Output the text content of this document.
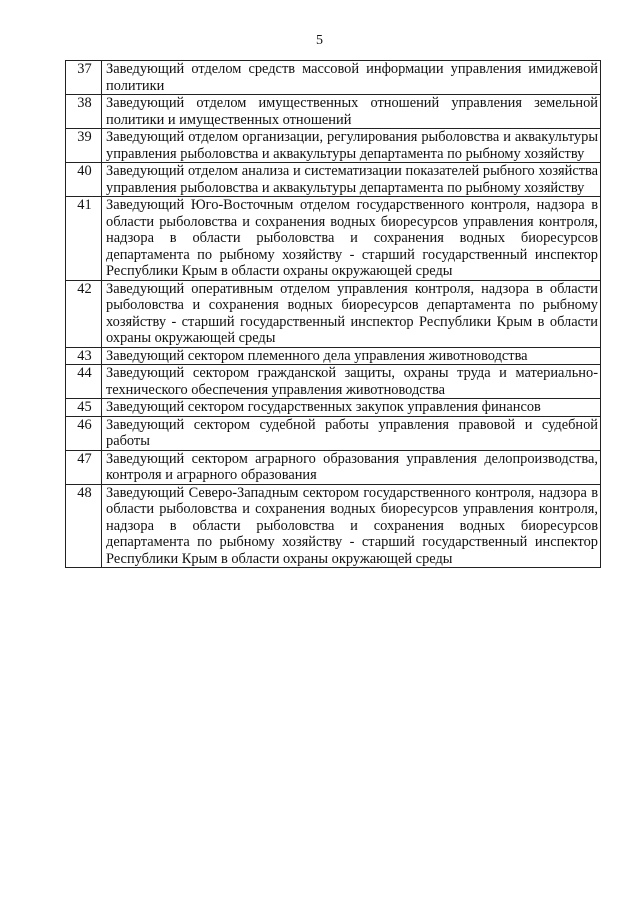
5
37	Заведующий отделом средств массовой информации управления имиджевой политики
38	Заведующий отделом имущественных отношений управления земельной политики и имущественных отношений
39	Заведующий отделом организации, регулирования рыболовства и аквакультуры управления рыболовства и аквакультуры департамента по рыбному хозяйству
40	Заведующий отделом анализа и систематизации показателей рыбного хозяйства управления рыболовства и аквакультуры департамента по рыбному хозяйству
41	Заведующий Юго-Восточным отделом государственного контроля, надзора в области рыболовства и сохранения водных биоресурсов управления контроля, надзора в области рыболовства и сохранения водных биоресурсов департамента по рыбному хозяйству - старший государственный инспектор Республики Крым в области охраны окружающей среды
42	Заведующий оперативным отделом управления контроля, надзора в области рыболовства и сохранения водных биоресурсов департамента по рыбному хозяйству - старший государственный инспектор Республики Крым в области охраны окружающей среды
43	Заведующий сектором племенного дела управления животноводства
44	Заведующий сектором гражданской защиты, охраны труда и материально-технического обеспечения управления животноводства
45	Заведующий сектором государственных закупок управления финансов
46	Заведующий сектором судебной работы управления правовой и судебной работы
47	Заведующий сектором аграрного образования управления делопроизводства, контроля и аграрного образования
48	Заведующий Северо-Западным сектором государственного контроля, надзора в области рыболовства и сохранения водных биоресурсов управления контроля, надзора в области рыболовства и сохранения водных биоресурсов департамента по рыбному хозяйству - старший государственный инспектор Республики Крым в области охраны окружающей среды
